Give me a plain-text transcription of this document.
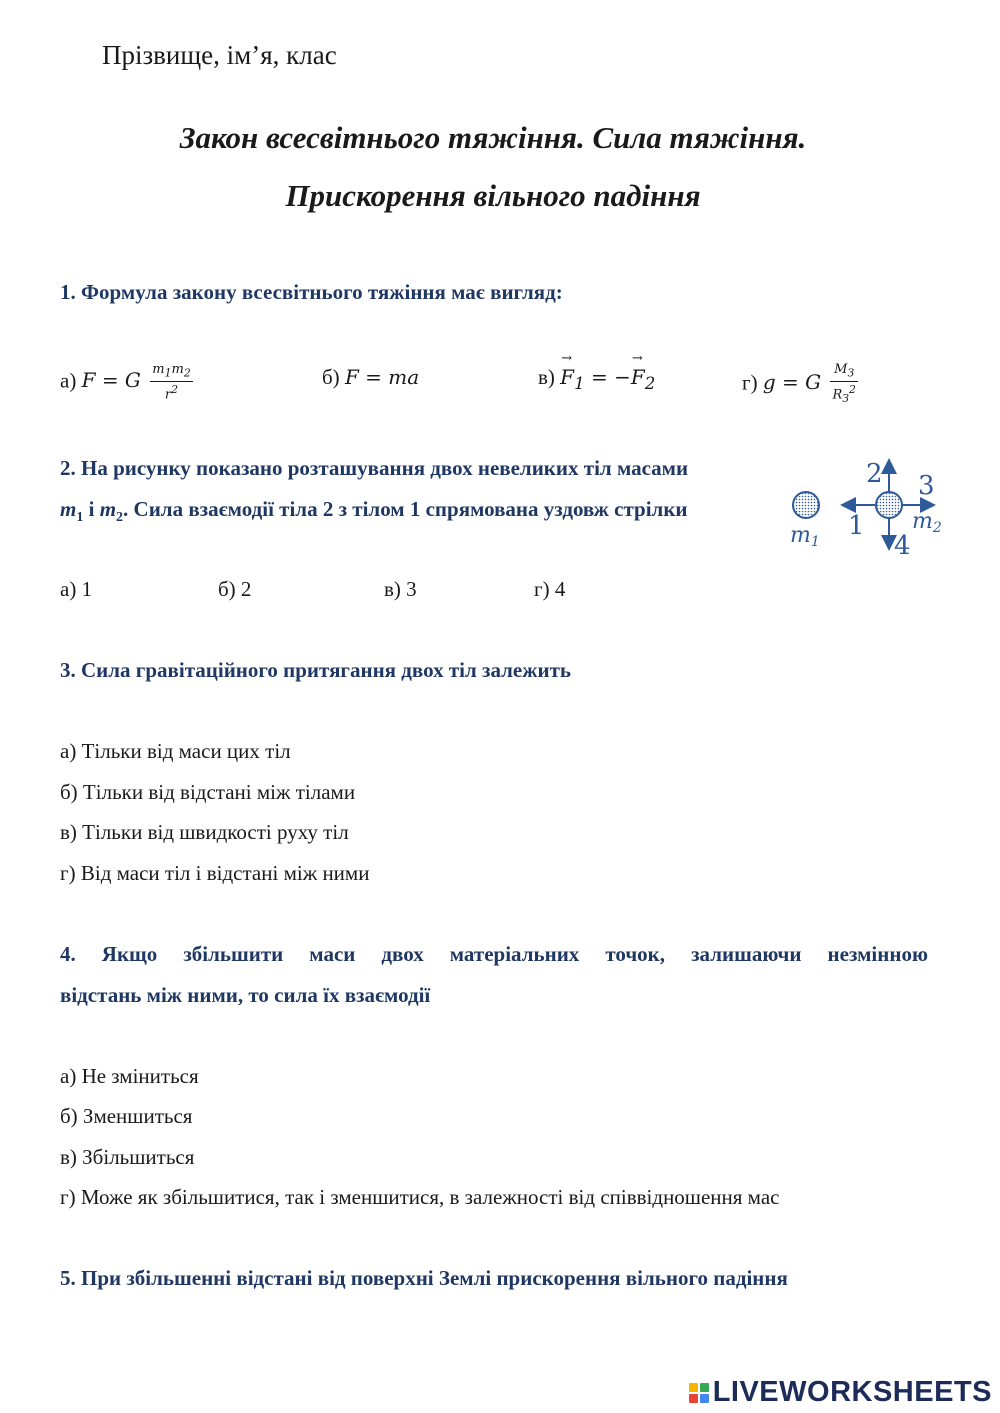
Прізвище, ім’я, клас
Закон всесвітнього тяжіння. Сила тяжіння.
Прискорення вільного падіння
1. Формула закону всесвітнього тяжіння має вигляд:
а) F = G $\frac{m_1m_2}{r^2}$	б) F = ma	$в) \to F_1$ = −→ $F_2$	г) g = G $\frac{M_З}{R_З^2}$
2. На рисунку показано розташування двох невеликих тіл масами
$m_1$ і $m_2$. Сила взаємодії тіла 2 з тілом 1 спрямована уздовж стрілки
m1
m2
1
2 3
4
а) 1	б) 2	в) 3	г) 4
3. Сила гравітаційного притягання двох тіл залежить
а) Тільки від маси цих тіл
б) Тільки від відстані між тілами
в) Тільки від швидкості руху тіл
г) Від маси тіл і відстані між ними
4. Якщо збільшити маси двох матеріальних точок, залишаючи незмінною
відстань між ними, то сила їх взаємодії
а) Не зміниться
б) Зменшиться
в) Збільшиться
г) Може як збільшитися, так і зменшитися, в залежності від співвідношення мас
5. При збільшенні відстані від поверхні Землі прискорення вільного падіння
LIVEWORKSHEETS
